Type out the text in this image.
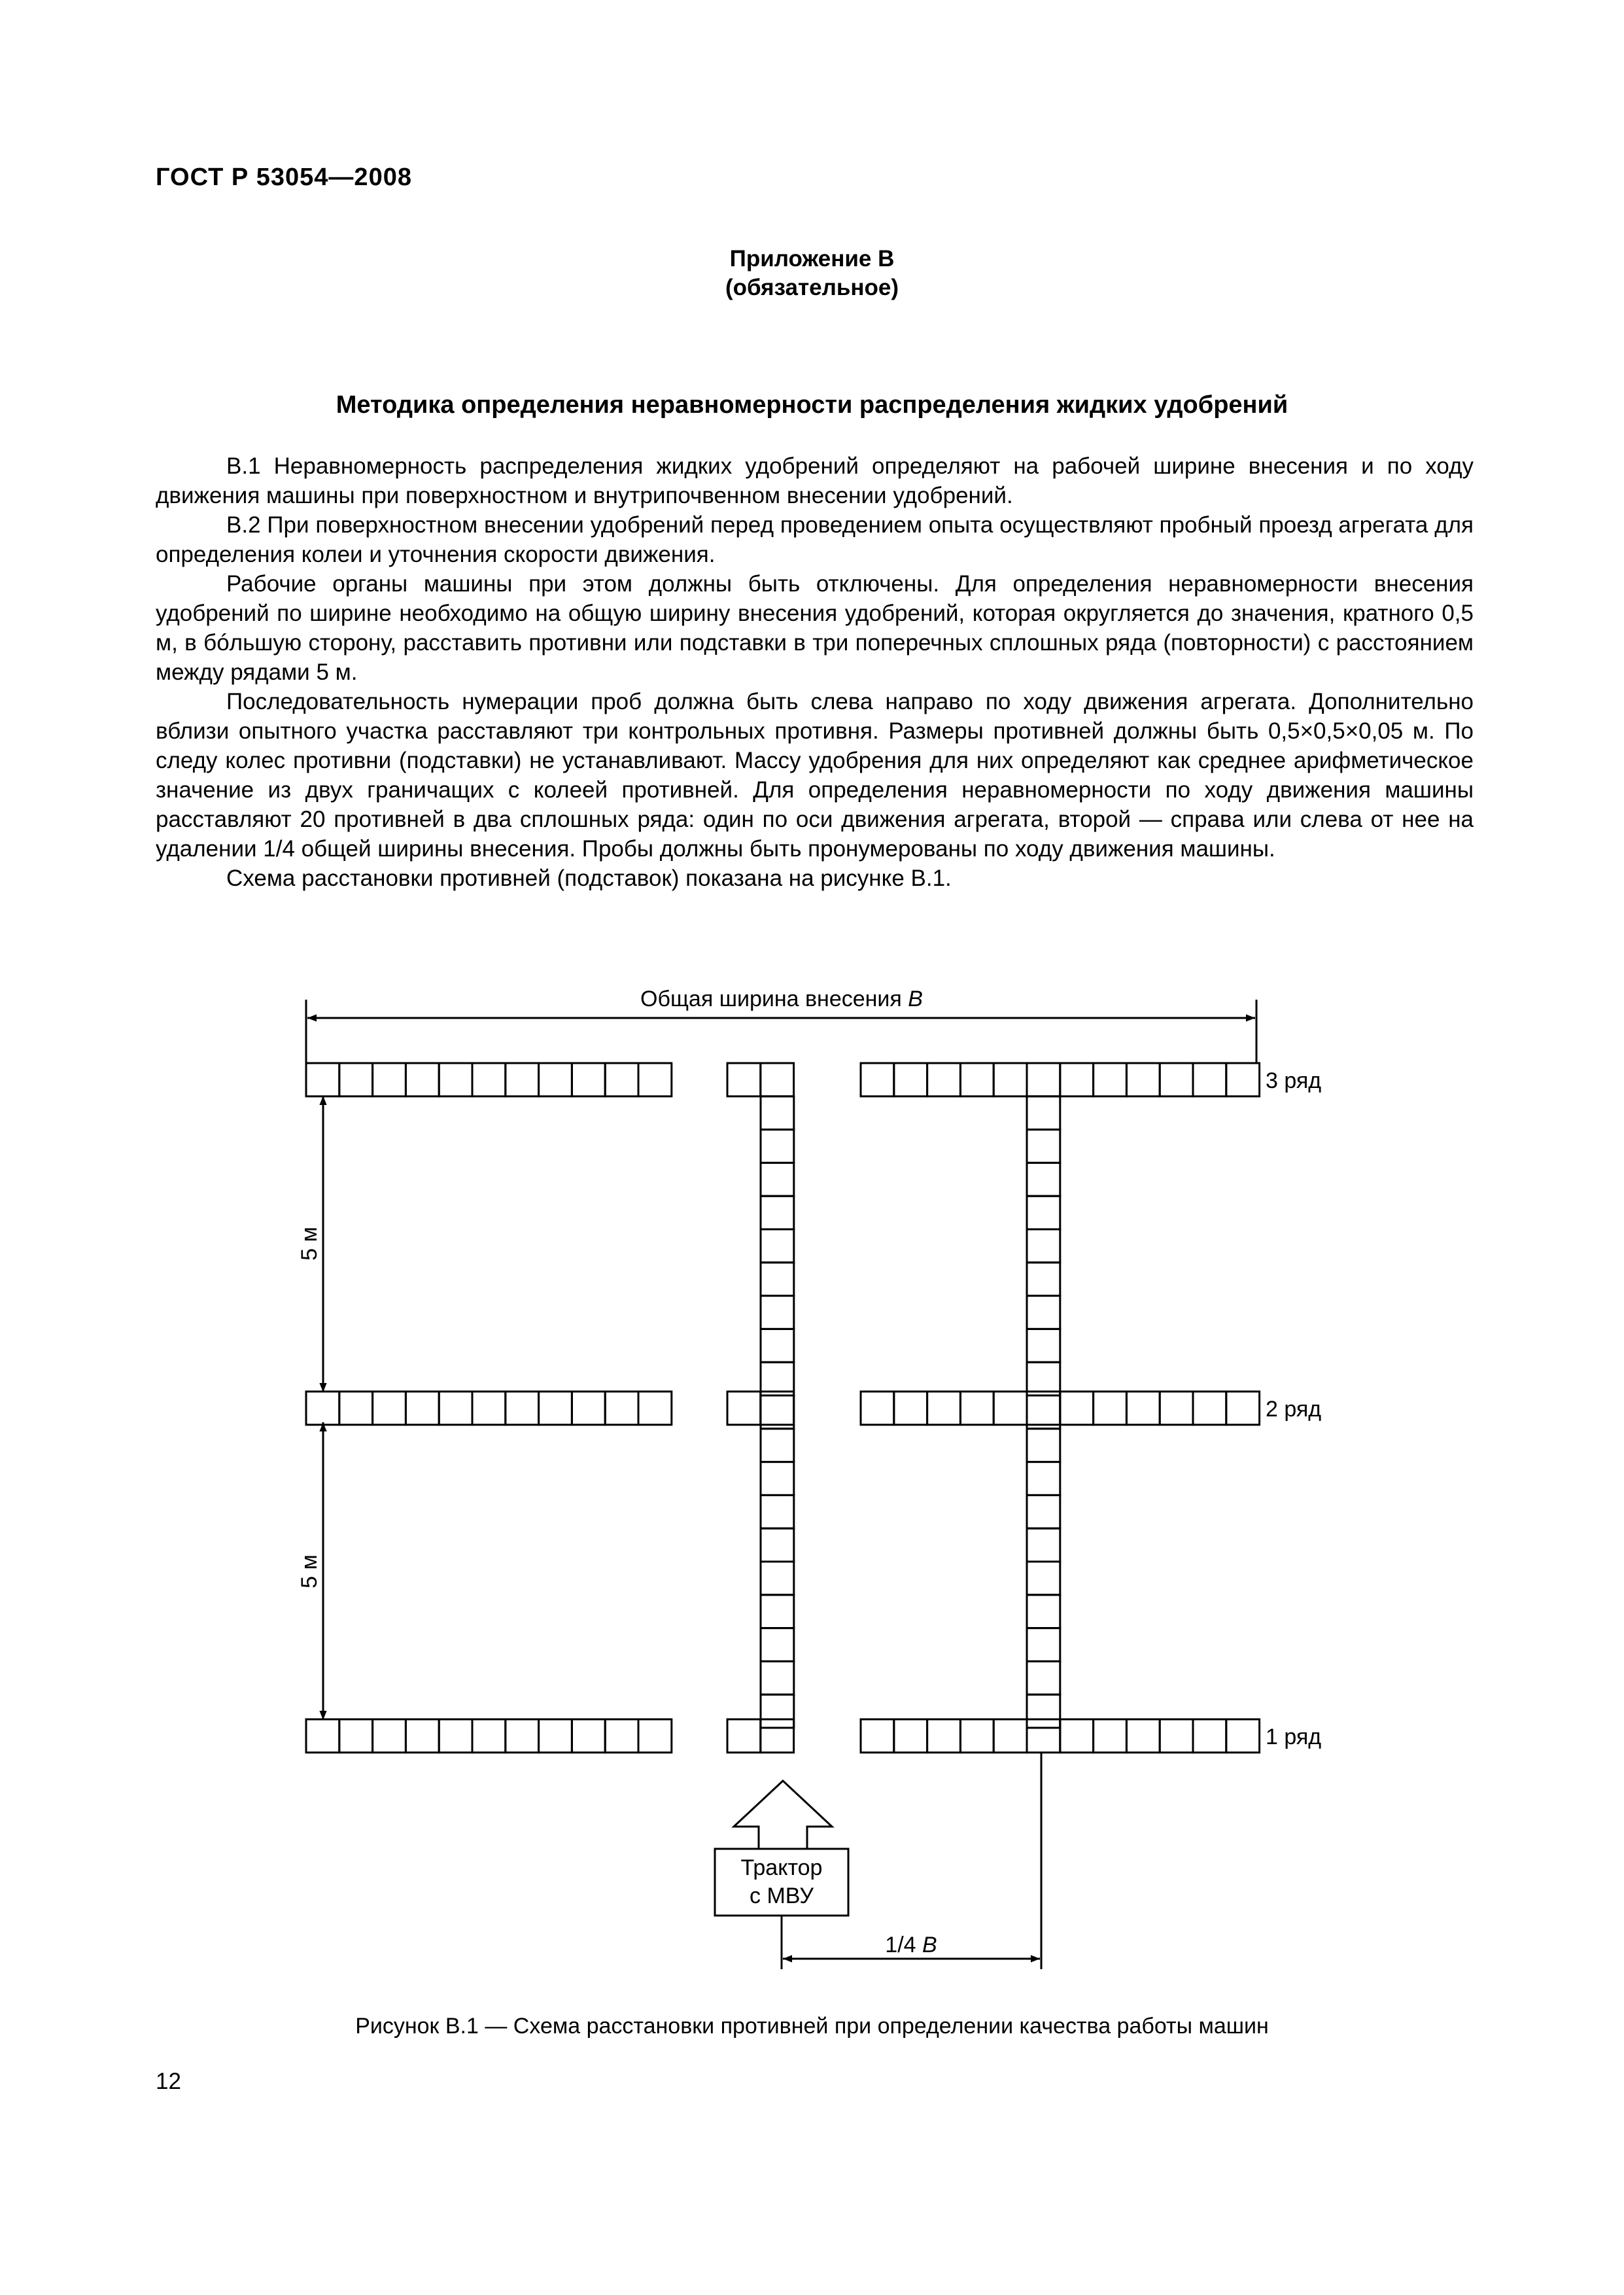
ГОСТ Р 53054—2008
Приложение В
(обязательное)
Методика определения неравномерности распределения жидких удобрений

В.1 Неравномерность распределения жидких удобрений определяют на рабочей ширине внесения и по ходу движения машины при поверхностном и внутрипочвенном внесении удобрений.

В.2 При поверхностном внесении удобрений перед проведением опыта осуществляют пробный проезд агрегата для определения колеи и уточнения скорости движения.

Рабочие органы машины при этом должны быть отключены. Для определения неравномерности внесения удобрений по ширине необходимо на общую ширину внесения удобрений, которая округляется до значения, кратного 0,5 м, в бóльшую сторону, расставить противни или подставки в три поперечных сплошных ряда (повторности) с расстоянием между рядами 5 м.

Последовательность нумерации проб должна быть слева направо по ходу движения агрегата. Дополнительно вблизи опытного участка расставляют три контрольных противня. Размеры противней должны быть 0,5×0,5×0,05 м. По следу колес противни (подставки) не устанавливают. Массу удобрения для них определяют как среднее арифметическое значение из двух граничащих с колеей противней. Для определения неравномерности по ходу движения машины расставляют 20 противней в два сплошных ряда: один по оси движения агрегата, второй — справа или слева от нее на удалении 1/4 общей ширины внесения. Пробы должны быть пронумерованы по ходу движения машины.

Схема расстановки противней (подставок) показана на рисунке В.1.

Общая ширина внесения В
5 м
5 м
3 ряд
2 ряд
1 ряд
Трактор
с МВУ
1/4 В
Рисунок В.1 — Схема расстановки противней при определении качества работы машин
12
